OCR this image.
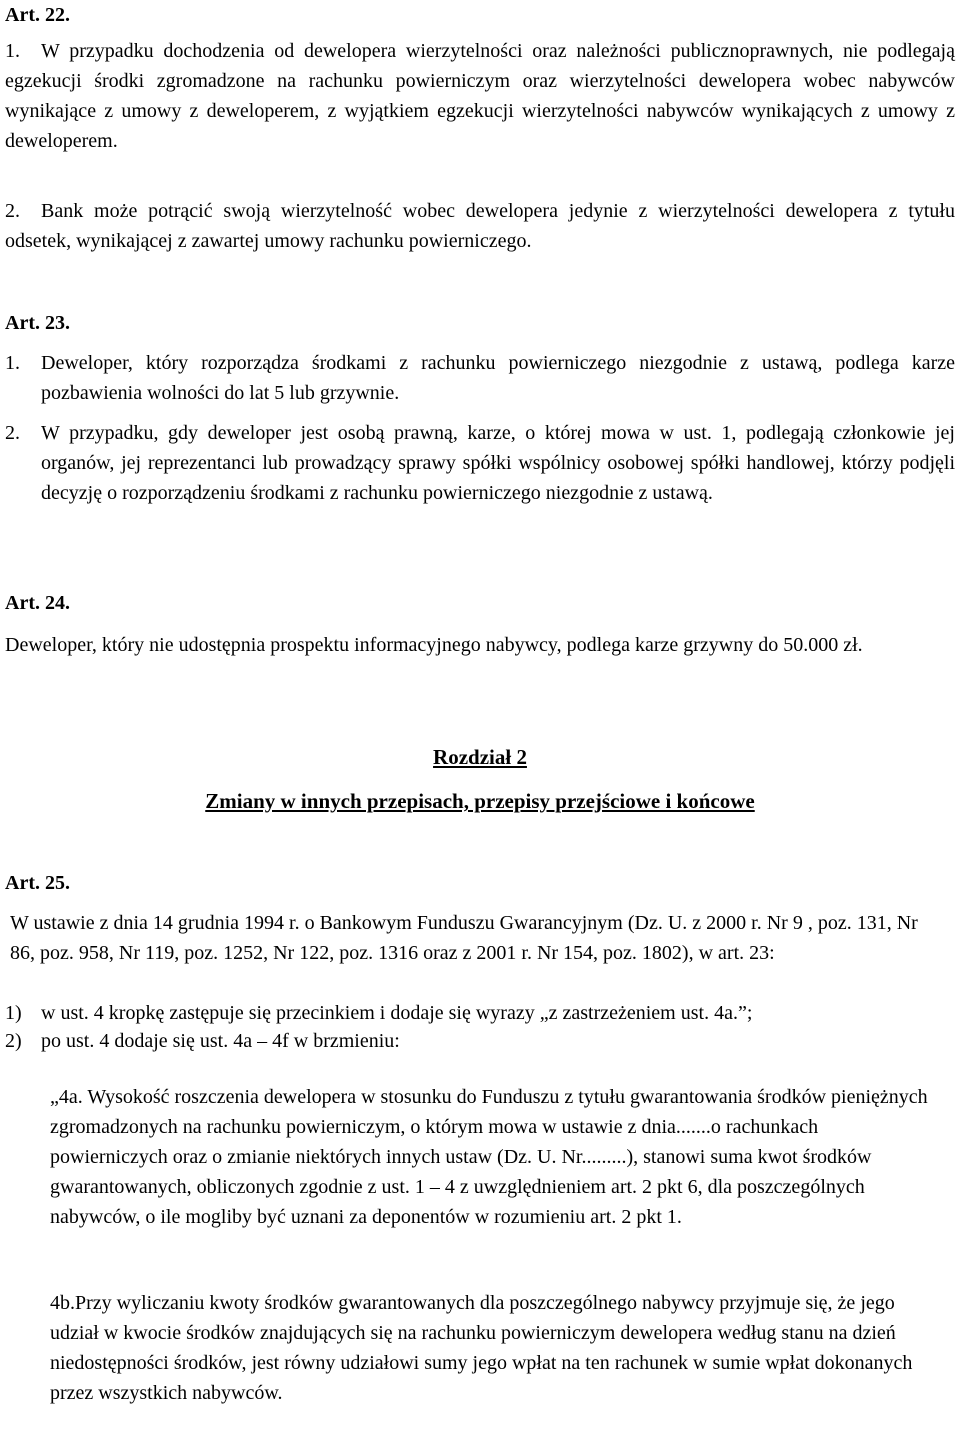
Art. 22.
1.	W przypadku dochodzenia od dewelopera wierzytelności oraz należności publicznoprawnych, nie podlegają egzekucji środki zgromadzone na rachunku powierniczym oraz wierzytelności dewelopera wobec nabywców wynikające z umowy z deweloperem, z wyjątkiem egzekucji wierzytelności nabywców wynikających z umowy z deweloperem.
2.	Bank może potrącić swoją wierzytelność wobec dewelopera jedynie z wierzytelności dewelopera z tytułu odsetek, wynikającej z zawartej umowy rachunku powierniczego.
Art. 23.
1. Deweloper, który rozporządza środkami z rachunku powierniczego niezgodnie z ustawą, podlega karze pozbawienia wolności do lat 5 lub grzywnie.
2. W przypadku, gdy deweloper jest osobą prawną, karze, o której mowa w ust. 1, podlegają członkowie jej organów, jej reprezentanci lub prowadzący sprawy spółki wspólnicy osobowej spółki handlowej, którzy podjęli decyzję o rozporządzeniu środkami z rachunku powierniczego niezgodnie z ustawą.
Art. 24.
Deweloper, który nie udostępnia prospektu informacyjnego nabywcy, podlega karze grzywny do 50.000 zł.
Rozdział 2
Zmiany w innych przepisach, przepisy przejściowe i końcowe
Art. 25.
W ustawie z dnia 14 grudnia 1994 r. o Bankowym Funduszu Gwarancyjnym (Dz. U. z 2000 r. Nr 9 , poz. 131, Nr 86, poz. 958, Nr 119, poz. 1252, Nr 122, poz. 1316 oraz z 2001 r. Nr 154, poz. 1802), w art. 23:
1) w ust. 4 kropkę zastępuje się przecinkiem i dodaje się wyrazy „z zastrzeżeniem ust. 4a.”;
2) po ust. 4 dodaje się ust. 4a – 4f w brzmieniu:
„4a. Wysokość roszczenia dewelopera w stosunku do Funduszu z tytułu gwarantowania środków pieniężnych zgromadzonych na rachunku powierniczym, o którym mowa w ustawie z dnia.......o rachunkach powierniczych oraz o zmianie niektórych innych ustaw (Dz. U. Nr.........), stanowi suma kwot środków gwarantowanych, obliczonych zgodnie z ust. 1 – 4 z uwzględnieniem art. 2 pkt 6, dla poszczególnych nabywców, o ile mogliby być uznani za deponentów w rozumieniu art. 2 pkt 1.
4b.Przy wyliczaniu kwoty środków gwarantowanych dla poszczególnego nabywcy przyjmuje się, że jego udział w kwocie środków znajdujących się na rachunku powierniczym dewelopera według stanu na dzień niedostępności środków, jest równy udziałowi sumy jego wpłat na ten rachunek w sumie wpłat dokonanych przez wszystkich nabywców.
